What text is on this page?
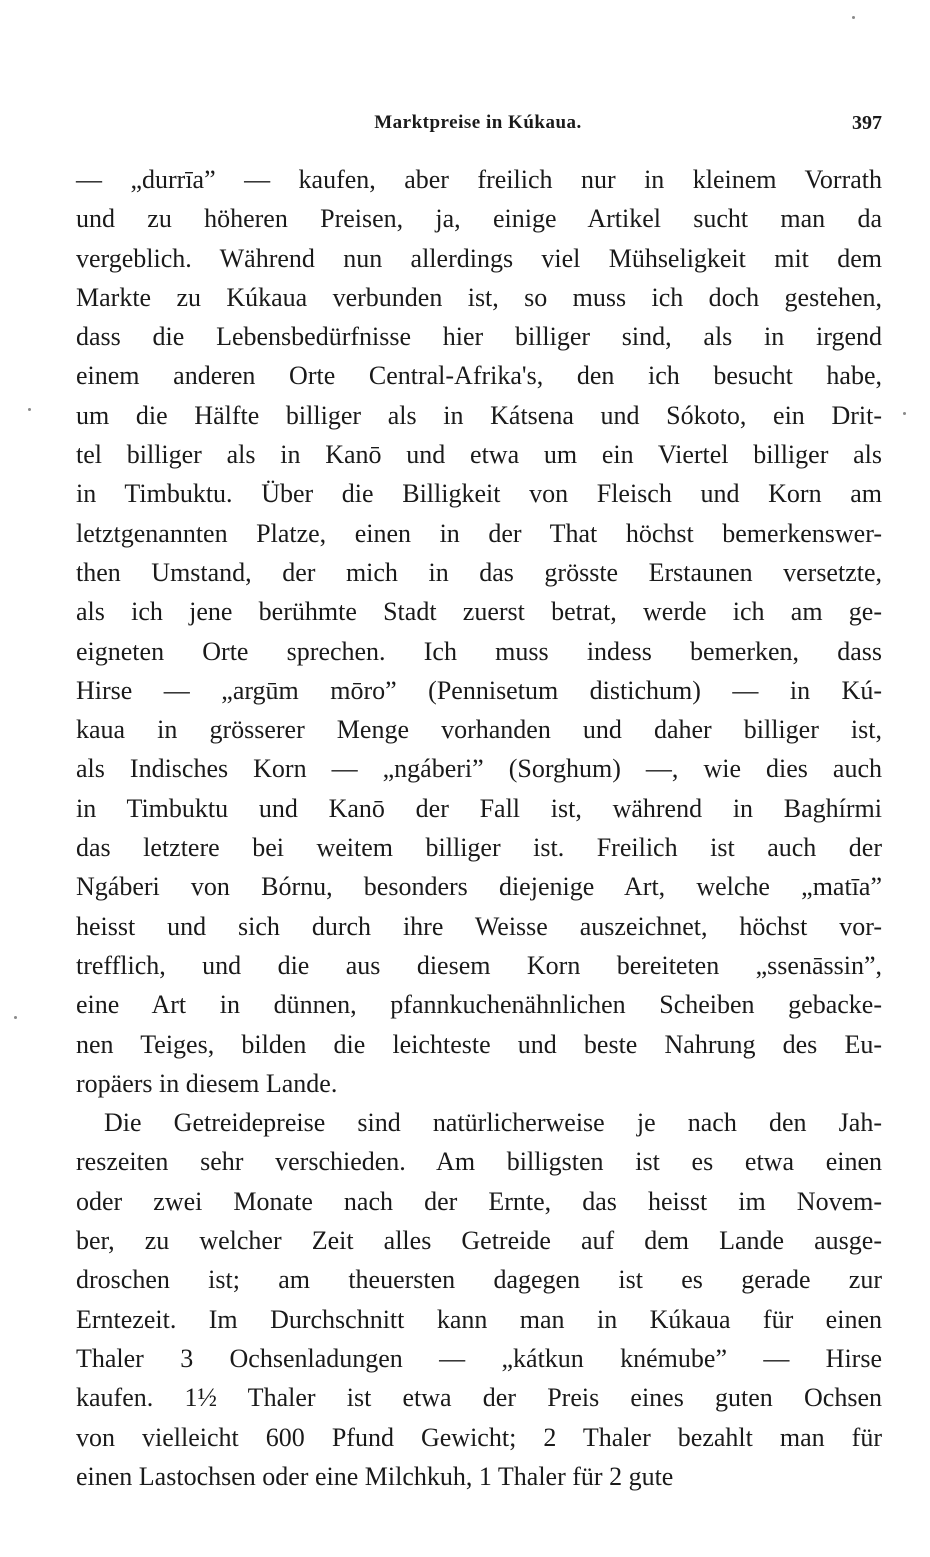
Marktpreise in Kúkaua.	397
— „durrīa” — kaufen, aber freilich nur in kleinem Vorrath
und zu höheren Preisen, ja, einige Artikel sucht man da
vergeblich. Während nun allerdings viel Mühseligkeit mit dem
Markte zu Kúkaua verbunden ist, so muss ich doch gestehen,
dass die Lebensbedürfnisse hier billiger sind, als in irgend
einem anderen Orte Central-Afrika's, den ich besucht habe,
um die Hälfte billiger als in Kátsena und Sókoto, ein Drit-
tel billiger als in Kanō und etwa um ein Viertel billiger als
in Timbuktu. Über die Billigkeit von Fleisch und Korn am
letztgenannten Platze, einen in der That höchst bemerkenswer-
then Umstand, der mich in das grösste Erstaunen versetzte,
als ich jene berühmte Stadt zuerst betrat, werde ich am ge-
eigneten Orte sprechen. Ich muss indess bemerken, dass
Hirse — „argūm mōro” (Pennisetum distichum) — in Kú-
kaua in grösserer Menge vorhanden und daher billiger ist,
als Indisches Korn — „ngáberi” (Sorghum) —, wie dies auch
in Timbuktu und Kanō der Fall ist, während in Baghírmi
das letztere bei weitem billiger ist. Freilich ist auch der
Ngáberi von Bórnu, besonders diejenige Art, welche „matīa”
heisst und sich durch ihre Weisse auszeichnet, höchst vor-
trefflich, und die aus diesem Korn bereiteten „ssenāssin”,
eine Art in dünnen, pfannkuchenähnlichen Scheiben gebacke-
nen Teiges, bilden die leichteste und beste Nahrung des Eu-
ropäers in diesem Lande.
Die Getreidepreise sind natürlicherweise je nach den Jah-
reszeiten sehr verschieden. Am billigsten ist es etwa einen
oder zwei Monate nach der Ernte, das heisst im Novem-
ber, zu welcher Zeit alles Getreide auf dem Lande ausge-
droschen ist; am theuersten dagegen ist es gerade zur
Erntezeit. Im Durchschnitt kann man in Kúkaua für einen
Thaler 3 Ochsenladungen — „kátkun knémube” — Hirse
kaufen. 1½ Thaler ist etwa der Preis eines guten Ochsen
von vielleicht 600 Pfund Gewicht; 2 Thaler bezahlt man für
einen Lastochsen oder eine Milchkuh, 1 Thaler für 2 gute
